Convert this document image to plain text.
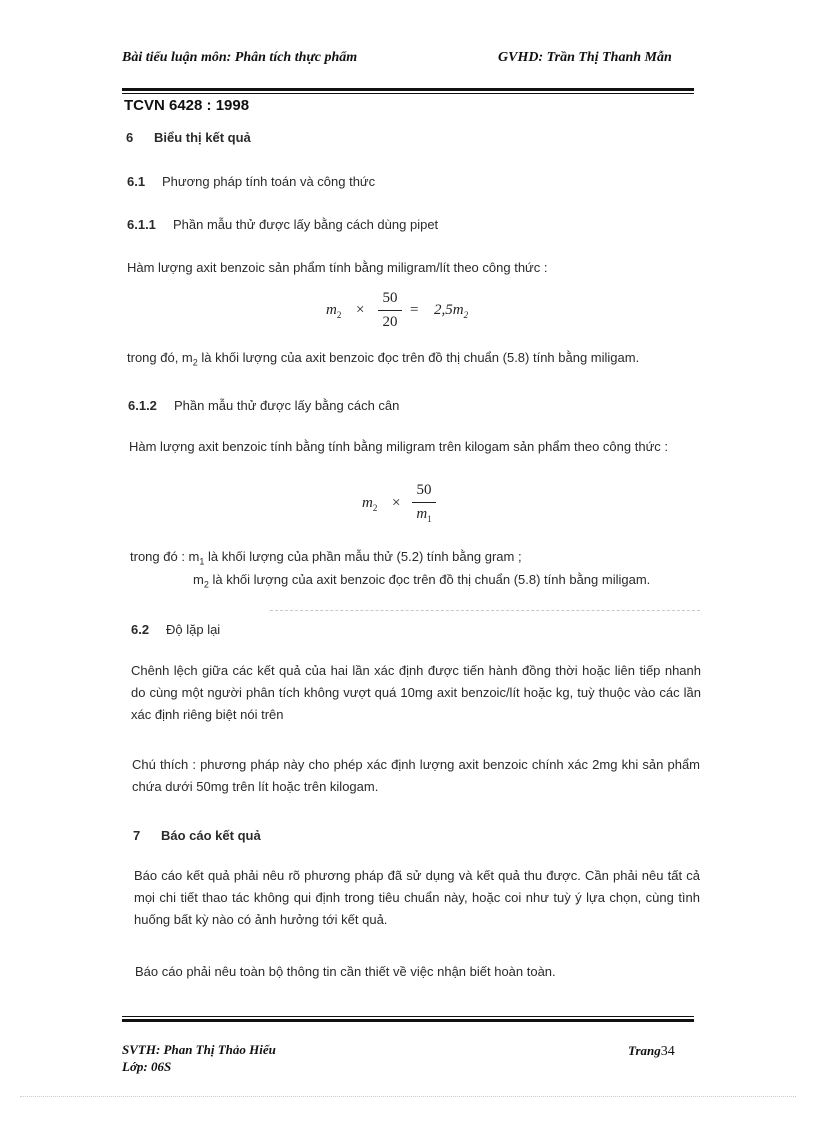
Bài tiểu luận môn: Phân tích thực phẩm	GVHD: Trần Thị Thanh Mẫn
TCVN 6428 : 1998
6 Biểu thị kết quả
6.1 Phương pháp tính toán và công thức
6.1.1 Phần mẫu thử được lấy bằng cách dùng pipet
Hàm lượng axit benzoic sản phẩm tính bằng miligram/lít theo công thức :
$m_2$ ×
50
20
= $2,5m_2$
trong đó, $m_2$ là khối lượng của axit benzoic đọc trên đồ thị chuẩn (5.8) tính bằng miligam.
6.1.2 Phần mẫu thử được lấy bằng cách cân
Hàm lượng axit benzoic tính bằng tính bằng miligram trên kilogam sản phẩm theo công thức :
$m_2$ ×
50
$m_1$
trong đó : $m_1$ là khối lượng của phần mẫu thử (5.2) tính bằng gram ;
$m_2$ là khối lượng của axit benzoic đọc trên đồ thị chuẩn (5.8) tính bằng miligam.
6.2 Độ lặp lại
Chênh lệch giữa các kết quả của hai lần xác định được tiến hành đồng thời hoặc liên tiếp nhanh do cùng một người phân tích không vượt quá 10mg axit benzoic/lít hoặc kg, tuỳ thuộc vào các lần xác định riêng biệt nói trên
Chú thích : phương pháp này cho phép xác định lượng axit benzoic chính xác 2mg khi sản phẩm chứa dưới 50mg trên lít hoặc trên kilogam.
7 Báo cáo kết quả
Báo cáo kết quả phải nêu rõ phương pháp đã sử dụng và kết quả thu được. Cần phải nêu tất cả mọi chi tiết thao tác không qui định trong tiêu chuẩn này, hoặc coi như tuỳ ý lựa chọn, cùng tình huống bất kỳ nào có ảnh hưởng tới kết quả.
Báo cáo phải nêu toàn bộ thông tin cần thiết về việc nhận biết hoàn toàn.
SVTH: Phan Thị Thảo Hiếu
Lớp: 06S
Trang34
